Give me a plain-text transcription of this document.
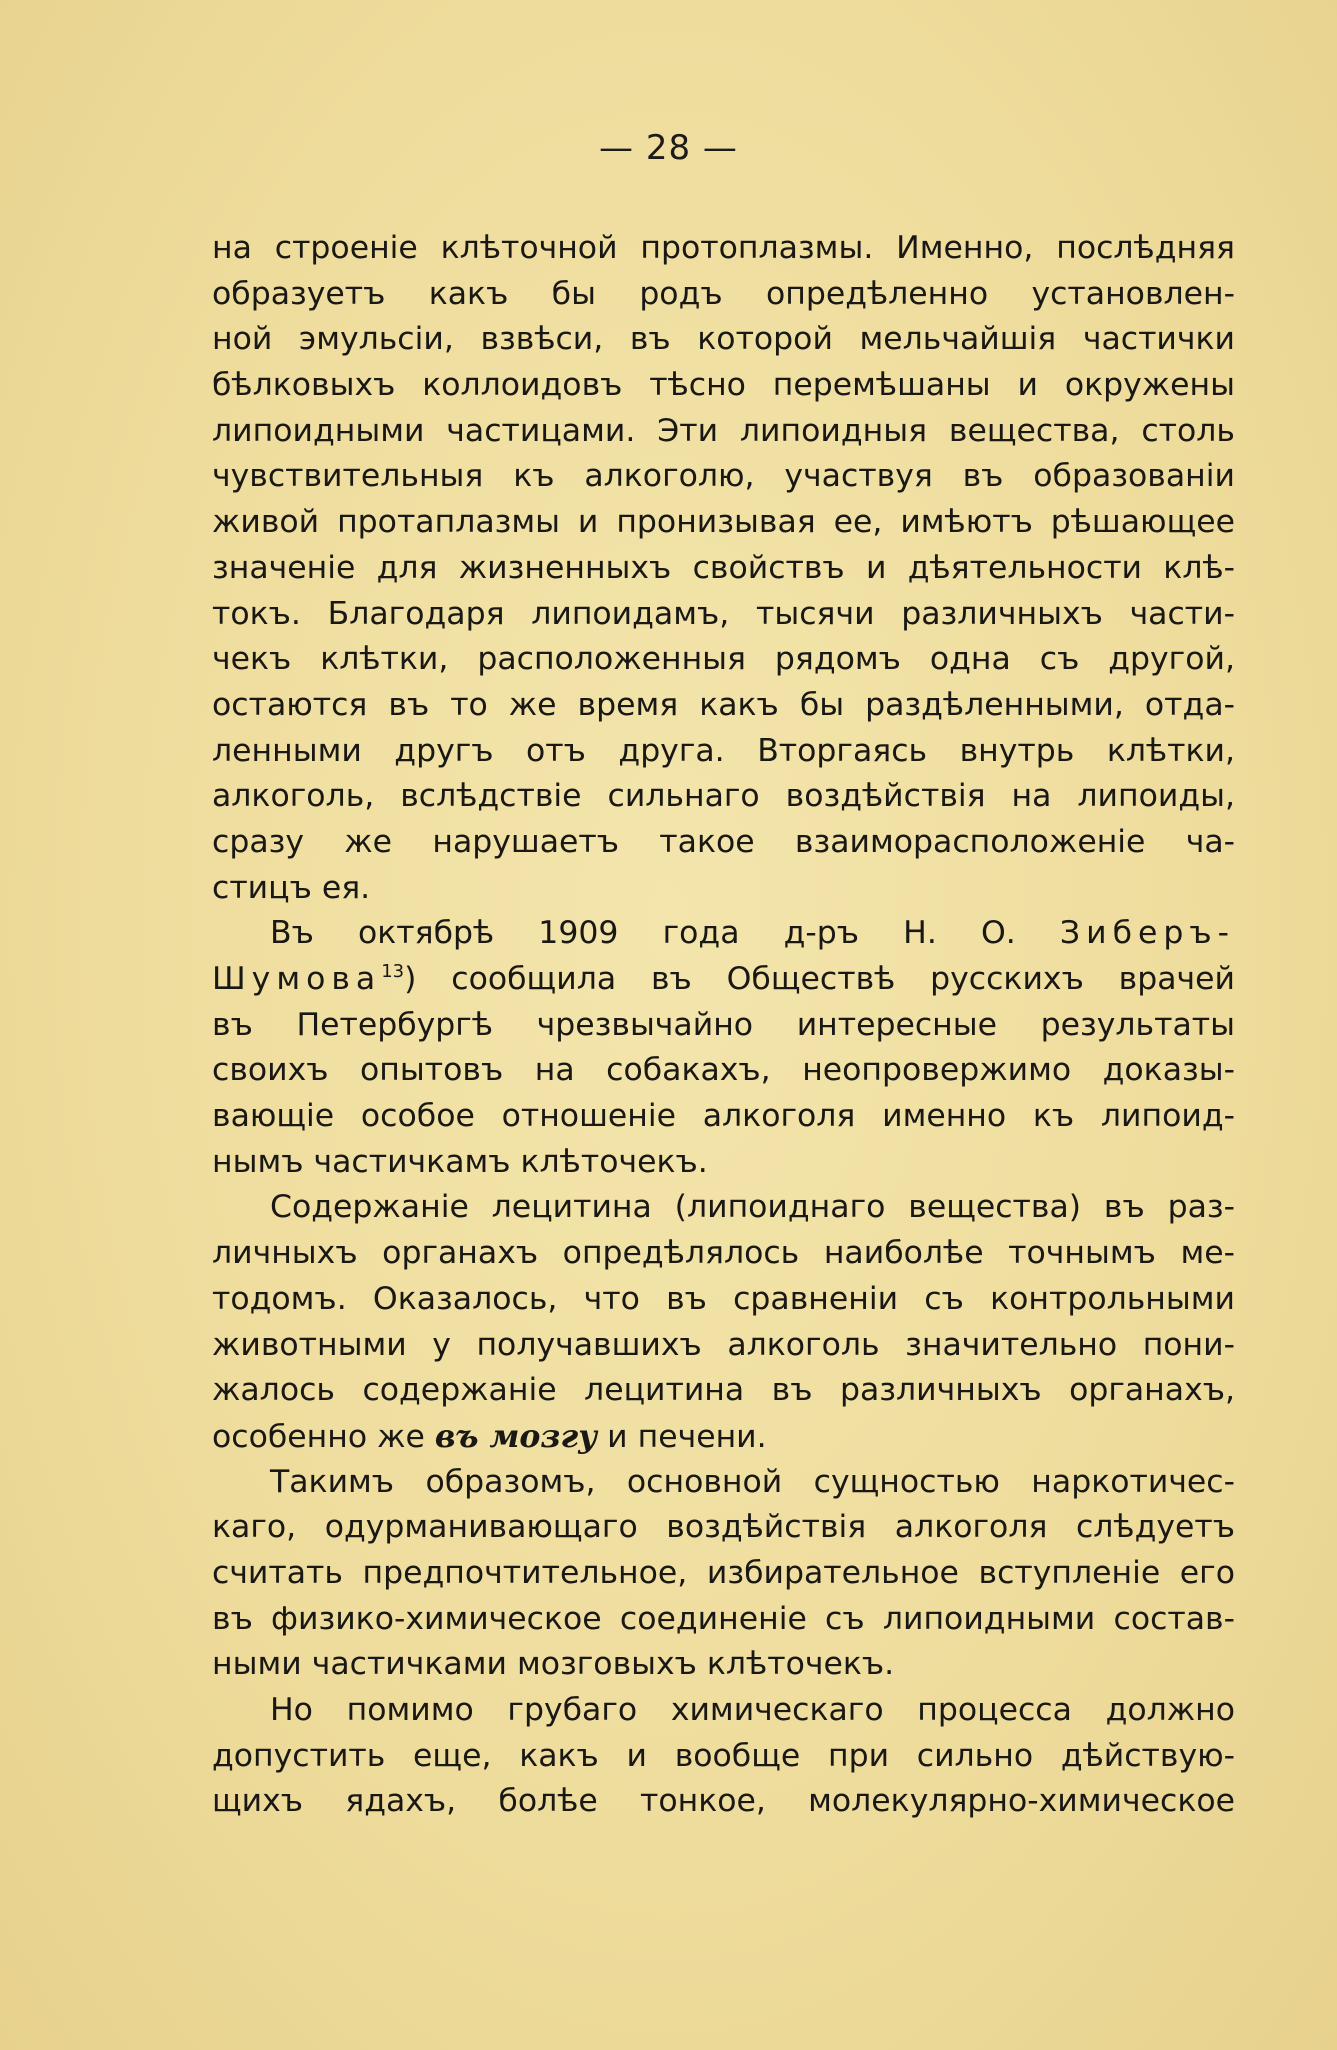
— 28 —
на строеніе клѣточной протоплазмы. Именно, послѣдняя
образуетъ какъ бы родъ опредѣленно установлен-
ной эмульсіи, взвѣси, въ которой мельчайшія частички
бѣлковыхъ коллоидовъ тѣсно перемѣшаны и окружены
липоидными частицами. Эти липоидныя вещества, столь
чувствительныя къ алкоголю, участвуя въ образованіи
живой протаплазмы и пронизывая ее, имѣютъ рѣшающее
значеніе для жизненныхъ свойствъ и дѣятельности клѣ-
токъ. Благодаря липоидамъ, тысячи различныхъ части-
чекъ клѣтки, расположенныя рядомъ одна съ другой,
остаются въ то же время какъ бы раздѣленными, отда-
ленными другъ отъ друга. Вторгаясь внутрь клѣтки,
алкоголь, вслѣдствіе сильнаго воздѣйствія на липоиды,
сразу же нарушаетъ такое взаиморасположеніе ча-
стицъ ея.
Въ октябрѣ 1909 года д-ръ Н. О. Зиберъ-
Шумова$^{13}$) сообщила въ Обществѣ русскихъ врачей
въ Петербургѣ чрезвычайно интересные результаты
своихъ опытовъ на собакахъ, неопровержимо доказы-
вающіе особое отношеніе алкоголя именно къ липоид-
нымъ частичкамъ клѣточекъ.
Содержаніе лецитина (липоиднаго вещества) въ раз-
личныхъ органахъ опредѣлялось наиболѣе точнымъ ме-
тодомъ. Оказалось, что въ сравненіи съ контрольными
животными у получавшихъ алкоголь значительно пони-
жалось содержаніе лецитина въ различныхъ органахъ,
особенно же въ мозгу и печени.
Такимъ образомъ, основной сущностью наркотичес-
каго, одурманивающаго воздѣйствія алкоголя слѣдуетъ
считать предпочтительное, избирательное вступленіе его
въ физико-химическое соединеніе съ липоидными состав-
ными частичками мозговыхъ клѣточекъ.
Но помимо грубаго химическаго процесса должно
допустить еще, какъ и вообще при сильно дѣйствую-
щихъ ядахъ, болѣе тонкое, молекулярно-химическое
